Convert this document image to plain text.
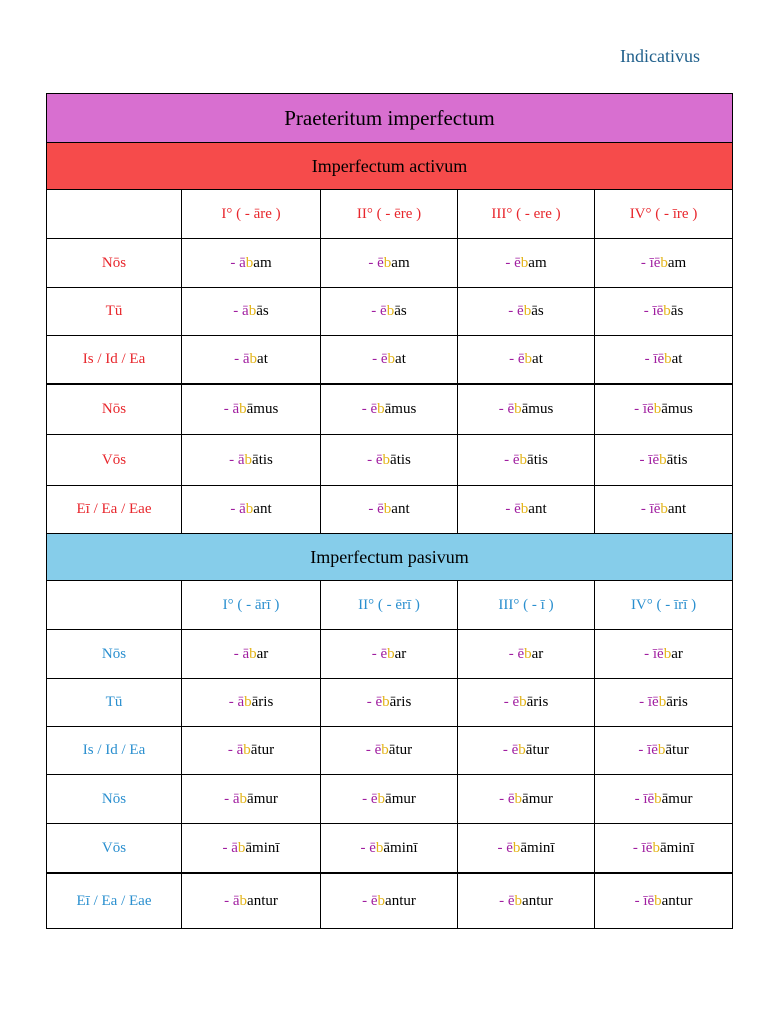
Indicativus
Praeteritum imperfectum				
Imperfectum activum				
	I° ( - āre )	II° ( - ēre )	III° ( - ere )	IV° ( - īre )
Nōs	- ābam	- ēbam	- ēbam	- īēbam
Tū	- ābās	- ēbās	- ēbās	- īēbās
Is / Id / Ea	- ābat	- ēbat	- ēbat	- īēbat
Nōs	- ābāmus	- ēbāmus	- ēbāmus	- īēbāmus
Vōs	- ābātis	- ēbātis	- ēbātis	- īēbātis
Eī / Ea / Eae	- ābant	- ēbant	- ēbant	- īēbant
Imperfectum pasivum				
	I° ( - ārī )	II° ( - ērī )	III° ( - ī )	IV° ( - īrī )
Nōs	- ābar	- ēbar	- ēbar	- īēbar
Tū	- ābāris	- ēbāris	- ēbāris	- īēbāris
Is / Id / Ea	- ābātur	- ēbātur	- ēbātur	- īēbātur
Nōs	- ābāmur	- ēbāmur	- ēbāmur	- īēbāmur
Vōs	- ābāminī	- ēbāminī	- ēbāminī	- īēbāminī
Eī / Ea / Eae	- ābantur	- ēbantur	- ēbantur	- īēbantur
